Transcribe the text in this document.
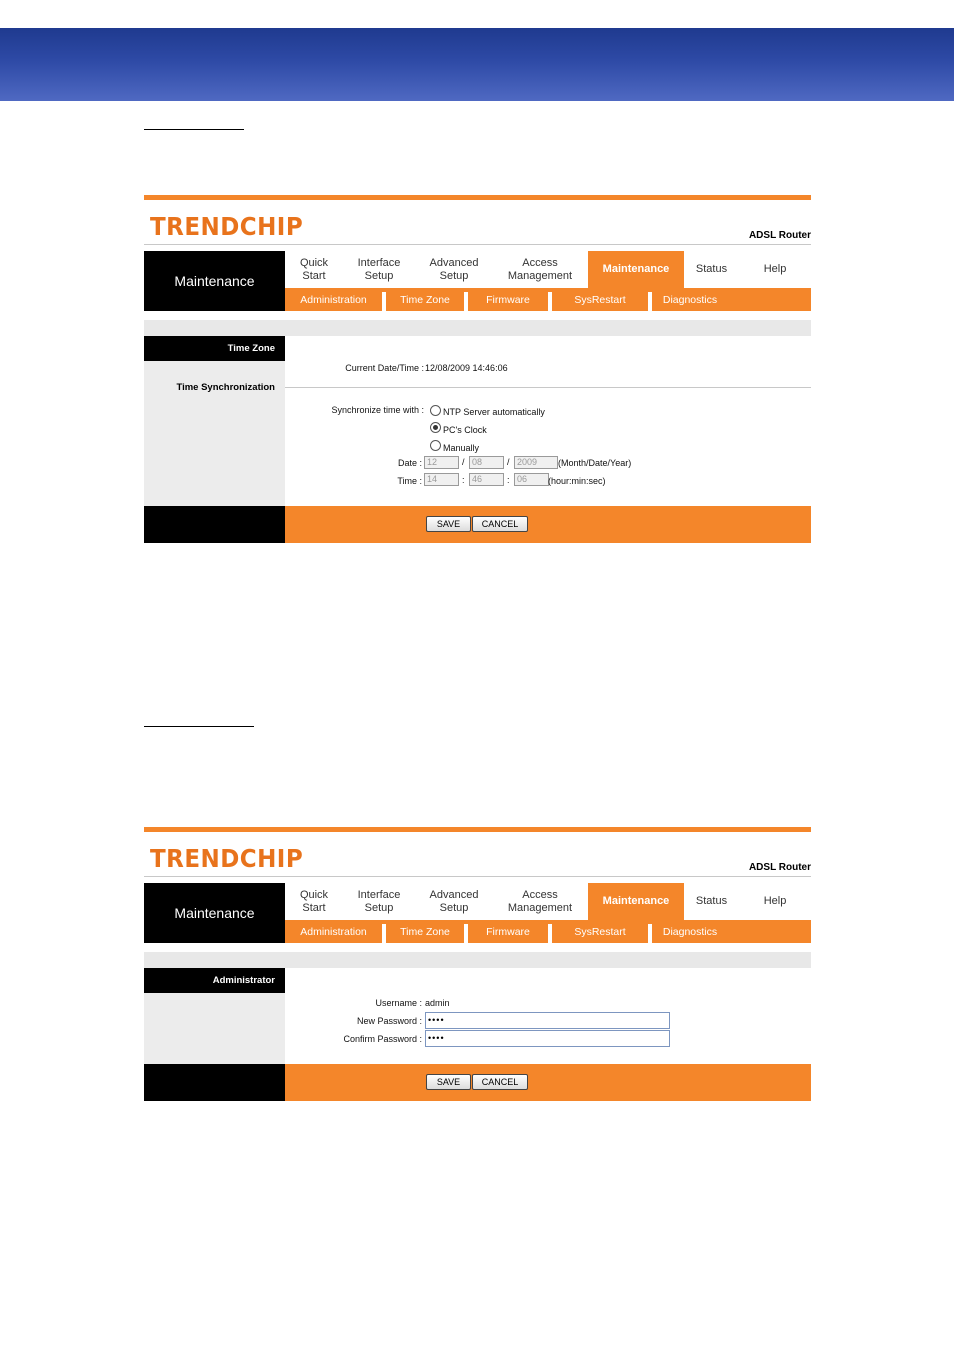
TRENDCHIP	ADSL Router
Maintenance
Quick
Start
Interface
Setup
Advanced
Setup
Access
Management
Maintenance Status	Help
Administration	Time Zone	Firmware	SysRestart	Diagnostics
Time Zone
Time Synchronization
Current Date/Time : 12/08/2009 14:46:06
Synchronize time with : NTP Server automatically
PC's Clock
Manually
Date : 12	/ 08	/ 2009	(Month/Date/Year)
Time : 14	: 46	: 06	(hour:min:sec)
SAVE	CANCEL
TRENDCHIP	ADSL Router
Maintenance
Quick
Start
Interface
Setup
Advanced
Setup
Access
Management
Maintenance Status	Help
Administration	Time Zone	Firmware	SysRestart	Diagnostics
Administrator
Username : admin
New Password : ••••
Confirm Password : ••••
SAVE	CANCEL
